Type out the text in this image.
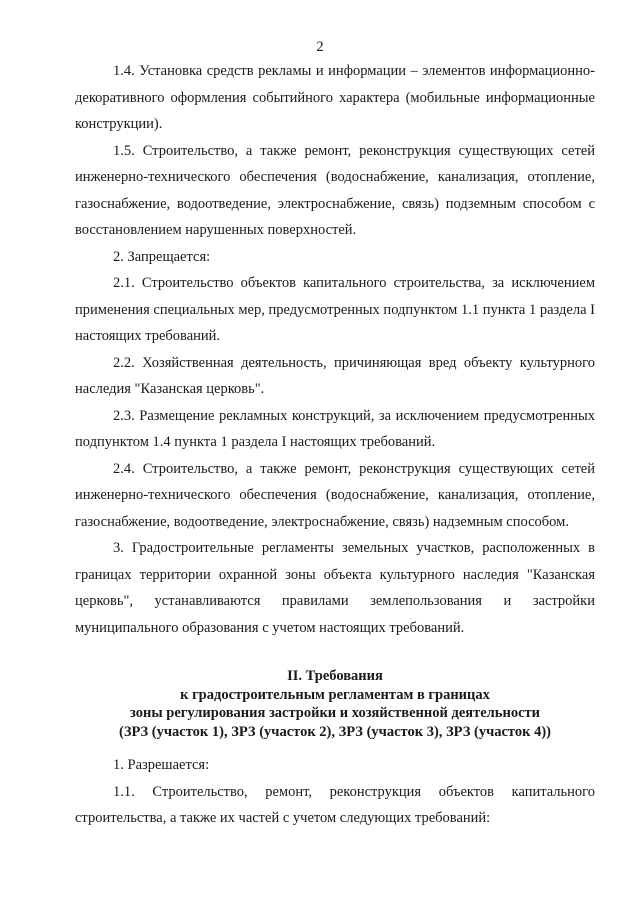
2

1.4. Установка средств рекламы и информации – элементов информационно-декоративного оформления событийного характера (мобильные информационные конструкции).

1.5. Строительство, а также ремонт, реконструкция существующих сетей инженерно-технического обеспечения (водоснабжение, канализация, отопление, газоснабжение, водоотведение, электроснабжение, связь) подземным способом с восстановлением нарушенных поверхностей.

2. Запрещается:

2.1. Строительство объектов капитального строительства, за исключением применения специальных мер, предусмотренных подпунктом 1.1 пункта 1 раздела I настоящих требований.

2.2. Хозяйственная деятельность, причиняющая вред объекту культурного наследия "Казанская церковь".

2.3. Размещение рекламных конструкций, за исключением предусмотренных подпунктом 1.4 пункта 1 раздела I настоящих требований.

2.4. Строительство, а также ремонт, реконструкция существующих сетей инженерно-технического обеспечения (водоснабжение, канализация, отопление, газоснабжение, водоотведение, электроснабжение, связь) надземным способом.

3. Градостроительные регламенты земельных участков, расположенных в границах территории охранной зоны объекта культурного наследия "Казанская церковь", устанавливаются правилами землепользования и застройки муниципального образования с учетом настоящих требований.

II. Требования
к градостроительным регламентам в границах
зоны регулирования застройки и хозяйственной деятельности
(ЗРЗ (участок 1), ЗРЗ (участок 2), ЗРЗ (участок 3), ЗРЗ (участок 4))

1. Разрешается:

1.1. Строительство, ремонт, реконструкция объектов капитального строительства, а также их частей с учетом следующих требований:
